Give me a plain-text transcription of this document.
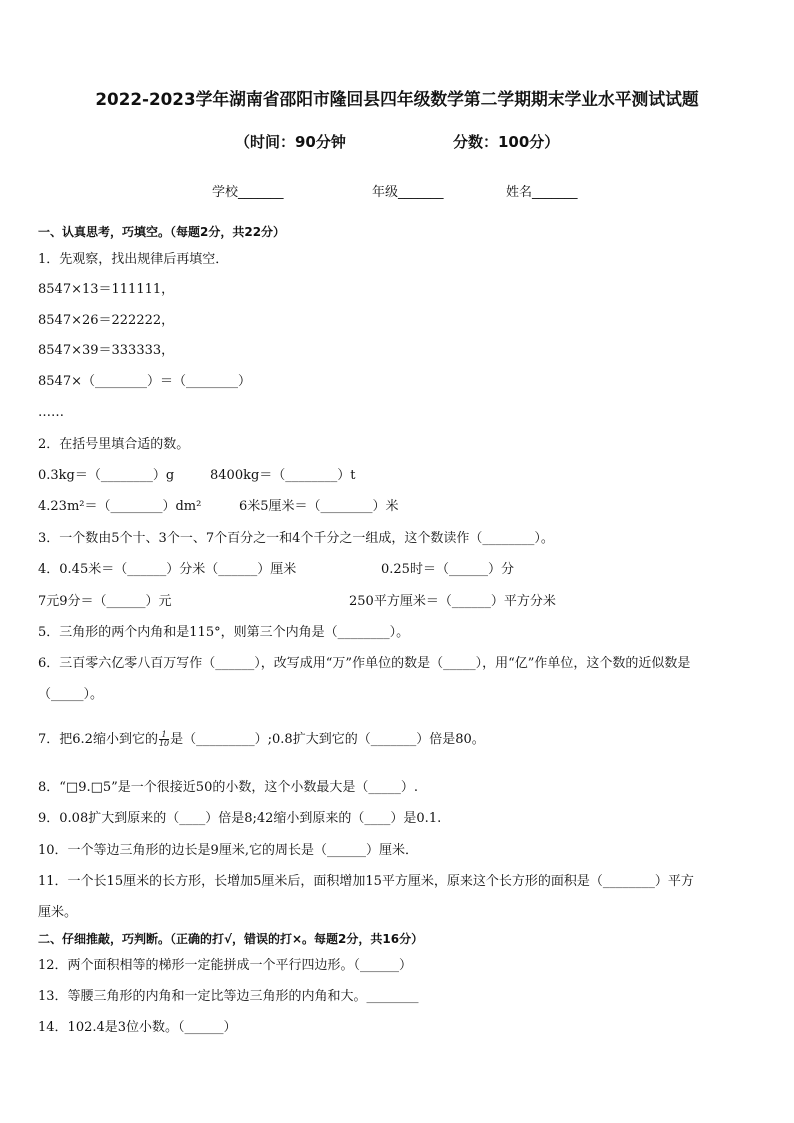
2022-2023学年湖南省邵阳市隆回县四年级数学第二学期期末学业水平测试试题
（时间：90分钟	分数：100分）
学校_______	年级_______	姓名_______
一、认真思考，巧填空。（每题2分，共22分）
1．先观察，找出规律后再填空．
8547×13＝111111，
8547×26＝222222，
8547×39＝333333，
8547×（________）＝（________）
……
2．在括号里填合适的数。
0.3kg＝（________）g	8400kg＝（________）t
4.23m²＝（________）dm²	6米5厘米＝（________）米
3．一个数由5个十、3个一、7个百分之一和4个千分之一组成，这个数读作（________）。
4．0.45米＝（______）分米（______）厘米	0.25时＝（______）分
7元9分＝（______）元	250平方厘米＝（______）平方分米
5．三角形的两个内角和是115°，则第三个内角是（________）。
6．三百零六亿零八百万写作（______），改写成用“万”作单位的数是（_____），用“亿”作单位，这个数的近似数是
（_____）。
7．把6.2缩小到它的 $\frac{1}{10}$ 是（_________）;0.8扩大到它的（_______）倍是80。
8．“□9.□5”是一个很接近50的小数，这个小数最大是（_____）.
9．0.08扩大到原来的（____）倍是8;42缩小到原来的（____）是0.1.
10．一个等边三角形的边长是9厘米,它的周长是（______）厘米．
11．一个长15厘米的长方形，长增加5厘米后，面积增加15平方厘米，原来这个长方形的面积是（________）平方
厘米。
二、仔细推敲，巧判断。（正确的打√，错误的打×。每题2分，共16分）
12．两个面积相等的梯形一定能拼成一个平行四边形。（______）
13．等腰三角形的内角和一定比等边三角形的内角和大。________
14．102.4是3位小数。（______）
